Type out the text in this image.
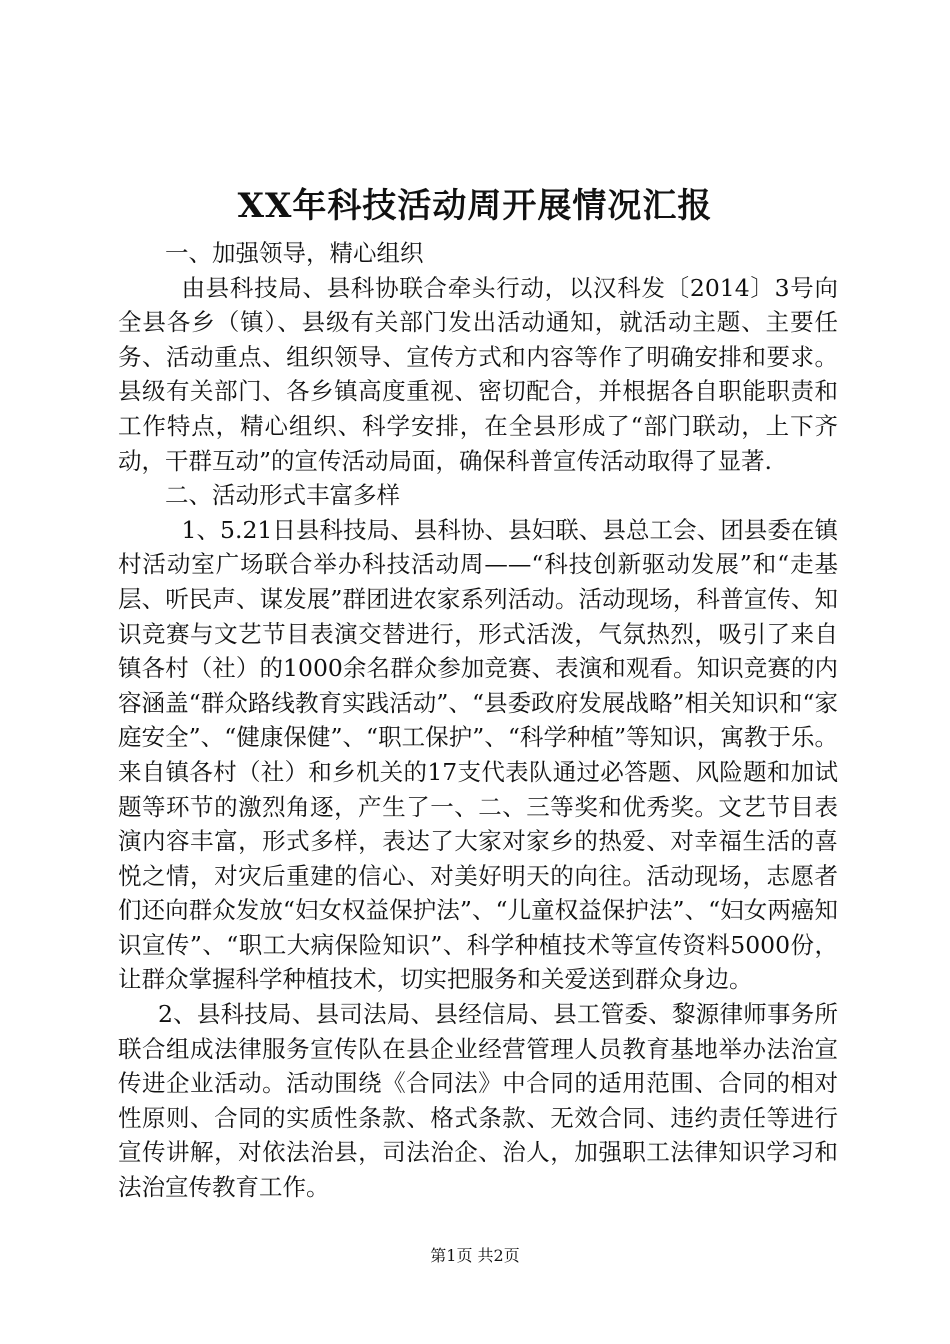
XX年科技活动周开展情况汇报

一、加强领导，精心组织

由县科技局、县科协联合牵头行动，以汉科发〔2014〕3号向全县各乡（镇）、县级有关部门发出活动通知，就活动主题、主要任务、活动重点、组织领导、宣传方式和内容等作了明确安排和要求。县级有关部门、各乡镇高度重视、密切配合，并根据各自职能职责和工作特点，精心组织、科学安排，在全县形成了“部门联动，上下齐动，干群互动”的宣传活动局面，确保科普宣传活动取得了显著.

二、活动形式丰富多样

1、5.21日县科技局、县科协、县妇联、县总工会、团县委在镇村活动室广场联合举办科技活动周——“科技创新驱动发展”和“走基层、听民声、谋发展”群团进农家系列活动。活动现场，科普宣传、知识竞赛与文艺节目表演交替进行，形式活泼，气氛热烈，吸引了来自镇各村（社）的1000余名群众参加竞赛、表演和观看。知识竞赛的内容涵盖“群众路线教育实践活动”、“县委政府发展战略”相关知识和“家庭安全”、“健康保健”、“职工保护”、“科学种植”等知识，寓教于乐。来自镇各村（社）和乡机关的17支代表队通过必答题、风险题和加试题等环节的激烈角逐，产生了一、二、三等奖和优秀奖。文艺节目表演内容丰富，形式多样，表达了大家对家乡的热爱、对幸福生活的喜悦之情，对灾后重建的信心、对美好明天的向往。活动现场，志愿者们还向群众发放“妇女权益保护法”、“儿童权益保护法”、“妇女两癌知识宣传”、“职工大病保险知识”、科学种植技术等宣传资料5000份，让群众掌握科学种植技术，切实把服务和关爱送到群众身边。

2、县科技局、县司法局、县经信局、县工管委、黎源律师事务所联合组成法律服务宣传队在县企业经营管理人员教育基地举办法治宣传进企业活动。活动围绕《合同法》中合同的适用范围、合同的相对性原则、合同的实质性条款、格式条款、无效合同、违约责任等进行宣传讲解，对依法治县，司法治企、治人，加强职工法律知识学习和法治宣传教育工作。

第1页 共2页
